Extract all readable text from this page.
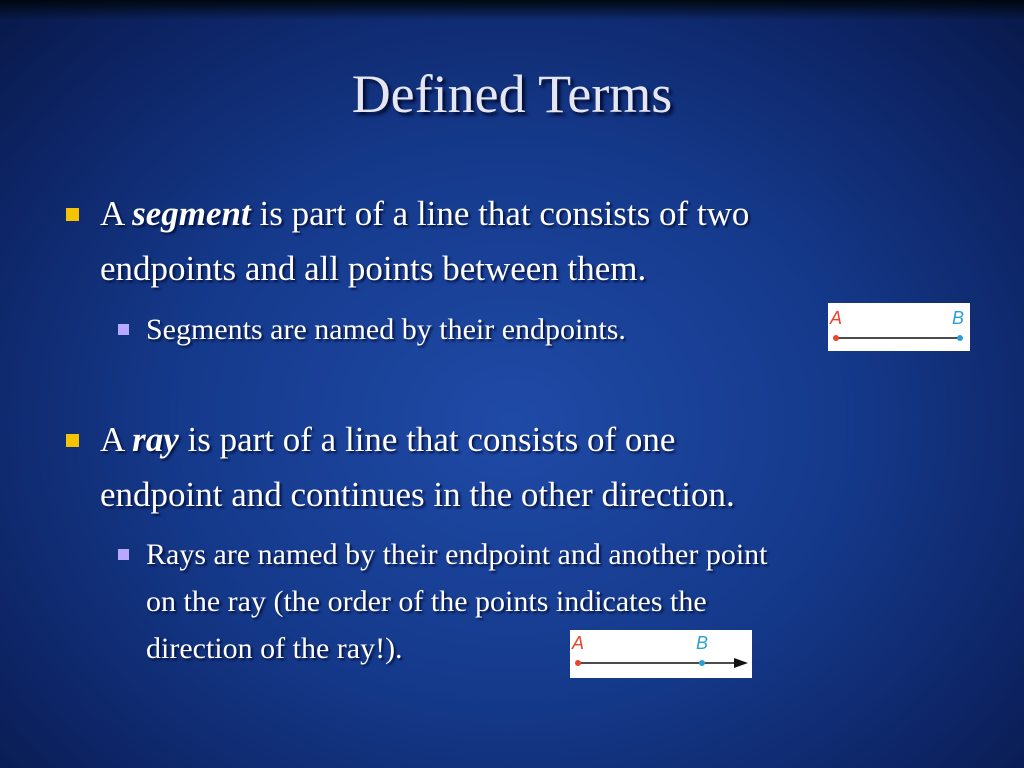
Defined Terms
A segment is part of a line that consists of two
endpoints and all points between them.
Segments are named by their endpoints.	A	B
A ray is part of a line that consists of one
endpoint and continues in the other direction.
Rays are named by their endpoint and another point
on the ray (the order of the points indicates the
direction of the ray!).	A	B
